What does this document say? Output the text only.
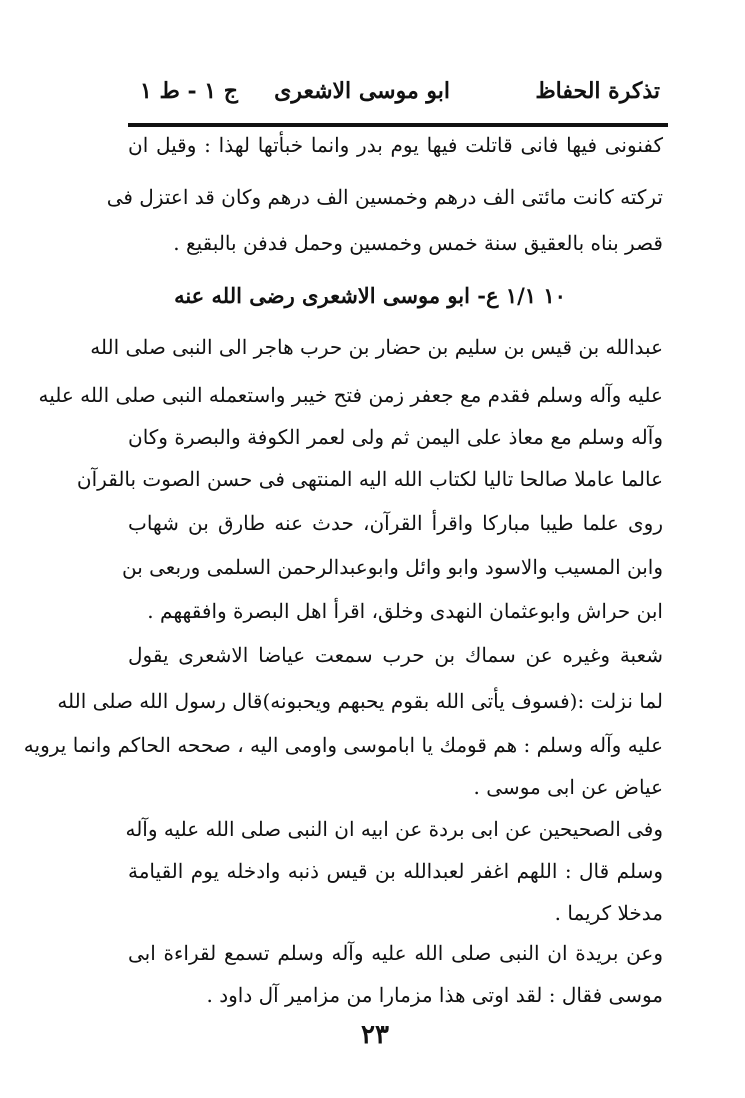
تذكرة الحفاظ
ابو موسى الاشعرى
ج ١ - ط ١
كفنونى فيها فانى قاتلت فيها يوم بدر وانما خبأتها لهذا : وقيل ان
تركته كانت مائتى الف درهم وخمسين الف درهم وكان قد اعتزل فى
قصر بناه بالعقيق سنة خمس وخمسين وحمل فدفن بالبقيع .
١٠ ١/١ ع- ابو موسى الاشعرى رضى الله عنه
عبدالله بن قيس بن سليم بن حضار بن حرب هاجر الى النبى صلى الله
عليه وآله وسلم فقدم مع جعفر زمن فتح خيبر واستعمله النبى صلى الله عليه
وآله وسلم مع معاذ على اليمن ثم ولى لعمر الكوفة والبصرة وكان
عالما عاملا صالحا تاليا لكتاب الله اليه المنتهى فى حسن الصوت بالقرآن
روى علما طيبا مباركا واقرأ القرآن، حدث عنه طارق بن شهاب
وابن المسيب والاسود وابو وائل وابوعبدالرحمن السلمى وربعى بن
ابن حراش وابوعثمان النهدى وخلق، اقرأ اهل البصرة وافقههم .
شعبة وغيره عن سماك بن حرب سمعت عياضا الاشعرى يقول
لما نزلت :(فسوف يأتى الله بقوم يحبهم ويحبونه)قال رسول الله صلى الله
عليه وآله وسلم : هم قومك يا اباموسى واومى اليه ، صححه الحاكم وانما يرويه
عياض عن ابى موسى .
وفى الصحيحين عن ابى بردة عن ابيه ان النبى صلى الله عليه وآله
وسلم قال : اللهم اغفر لعبدالله بن قيس ذنبه وادخله يوم القيامة
مدخلا كريما .
وعن بريدة ان النبى صلى الله عليه وآله وسلم تسمع لقراءة ابى
موسى فقال : لقد اوتى هذا مزمارا من مزامير آل داود .
٢٣
